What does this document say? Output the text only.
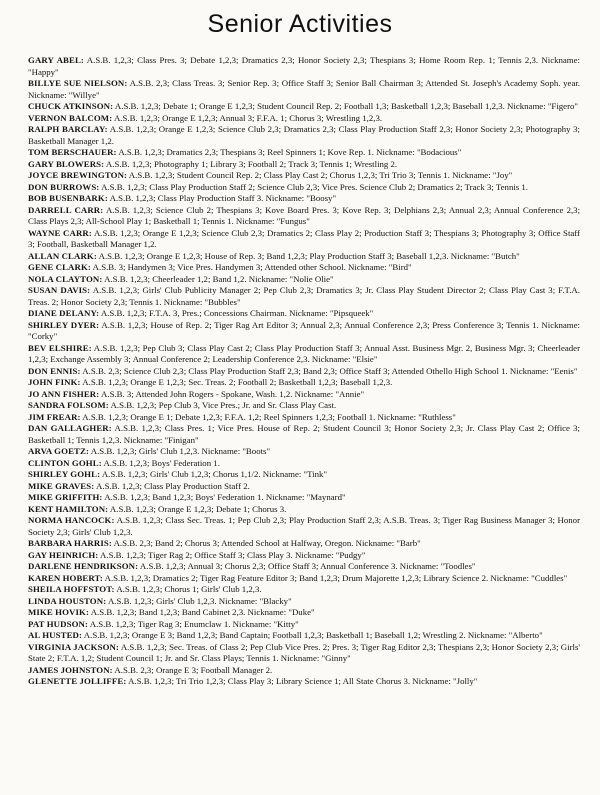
Senior Activities

GARY ABEL: A.S.B. 1,2,3; Class Pres. 3; Debate 1,2,3; Dramatics 2,3; Honor Society 2,3; Thespians 3; Home Room Rep. 1; Tennis 2,3. Nickname: "Happy"

BILLYE SUE NIELSON: A.S.B. 2,3; Class Treas. 3; Senior Rep. 3; Office Staff 3; Senior Ball Chairman 3; Attended St. Joseph's Academy Soph. year. Nickname: "Willye"

CHUCK ATKINSON: A.S.B. 1,2,3; Debate 1; Orange E 1,2,3; Student Council Rep. 2; Football 1,3; Basketball 1,2,3; Baseball 1,2,3. Nickname: "Figero"

VERNON BALCOM: A.S.B. 1,2,3; Orange E 1,2,3; Annual 3; F.F.A. 1; Chorus 3; Wrestling 1,2,3.

RALPH BARCLAY: A.S.B. 1,2,3; Orange E 1,2,3; Science Club 2,3; Dramatics 2,3; Class Play Production Staff 2,3; Honor Society 2,3; Photography 3; Basketball Manager 1,2.

TOM BERSCHAUER: A.S.B. 1,2,3; Dramatics 2,3; Thespians 3; Reel Spinners 1; Kove Rep. 1. Nickname: "Bodacious"

GARY BLOWERS: A.S.B. 1,2,3; Photography 1; Library 3; Football 2; Track 3; Tennis 1; Wrestling 2.

JOYCE BREWINGTON: A.S.B. 1,2,3; Student Council Rep. 2; Class Play Cast 2; Chorus 1,2,3; Tri Trio 3; Tennis 1. Nickname: "Joy"

DON BURROWS: A.S.B. 1,2,3; Class Play Production Staff 2; Science Club 2,3; Vice Pres. Science Club 2; Dramatics 2; Track 3; Tennis 1.

BOB BUSENBARK: A.S.B. 1,2,3; Class Play Production Staff 3. Nickname: "Boosy"

DARRELL CARR: A.S.B. 1,2,3; Science Club 2; Thespians 3; Kove Board Pres. 3; Kove Rep. 3; Delphians 2,3; Annual 2,3; Annual Conference 2,3; Class Plays 2,3; All-School Play 1; Basketball 1; Tennis 1. Nickname: "Fungus"

WAYNE CARR: A.S.B. 1,2,3; Orange E 1,2,3; Science Club 2,3; Dramatics 2; Class Play 2; Production Staff 3; Thespians 3; Photography 3; Office Staff 3; Football, Basketball Manager 1,2.

ALLAN CLARK: A.S.B. 1,2,3; Orange E 1,2,3; House of Rep. 3; Band 1,2,3; Play Production Staff 3; Baseball 1,2,3. Nickname: "Butch"

GENE CLARK: A.S.B. 3; Handymen 3; Vice Pres. Handymen 3; Attended other School. Nickname: "Bird"

NOLA CLAYTON: A.S.B. 1,2,3; Cheerleader 1,2; Band 1,2. Nickname: "Nolie Olie"

SUSAN DAVIS: A.S.B. 1,2,3; Girls' Club Publicity Manager 2; Pep Club 2,3; Dramatics 3; Jr. Class Play Student Director 2; Class Play Cast 3; F.T.A. Treas. 2; Honor Society 2,3; Tennis 1. Nickname: "Bubbles"

DIANE DELANY: A.S.B. 1,2,3; F.T.A. 3, Pres.; Concessions Chairman. Nickname: "Pipsqueek"

SHIRLEY DYER: A.S.B. 1,2,3; House of Rep. 2; Tiger Rag Art Editor 3; Annual 2,3; Annual Conference 2,3; Press Conference 3; Tennis 1. Nickname: "Corky"

BEV ELSHIRE: A.S.B. 1,2,3; Pep Club 3; Class Play Cast 2; Class Play Production Staff 3; Annual Asst. Business Mgr. 2, Business Mgr. 3; Cheerleader 1,2,3; Exchange Assembly 3; Annual Conference 2; Leadership Conference 2,3. Nickname: "Elsie"

DON ENNIS: A.S.B. 2,3; Science Club 2,3; Class Play Production Staff 2,3; Band 2,3; Office Staff 3; Attended Othello High School 1. Nickname: "Eenis"

JOHN FINK: A.S.B. 1,2,3; Orange E 1,2,3; Sec. Treas. 2; Football 2; Basketball 1,2,3; Baseball 1,2,3.

JO ANN FISHER: A.S.B. 3; Attended John Rogers - Spokane, Wash. 1,2. Nickname: "Annie"

SANDRA FOLSOM: A.S.B. 1,2,3; Pep Club 3, Vice Pres.; Jr. and Sr. Class Play Cast.

JIM FREAR: A.S.B. 1,2,3; Orange E 1; Debate 1,2,3; F.F.A. 1,2; Reel Spinners 1,2,3; Football 1. Nickname: "Ruthless"

DAN GALLAGHER: A.S.B. 1,2,3; Class Pres. 1; Vice Pres. House of Rep. 2; Student Council 3; Honor Society 2,3; Jr. Class Play Cast 2; Office 3; Basketball 1; Tennis 1,2,3. Nickname: "Finigan"

ARVA GOETZ: A.S.B. 1,2,3; Girls' Club 1,2,3. Nickname: "Boots"

CLINTON GOHL: A.S.B. 1,2,3; Boys' Federation 1.

SHIRLEY GOHL: A.S.B. 1,2,3; Girls' Club 1,2,3; Chorus 1,1/2. Nickname: "Tink"

MIKE GRAVES: A.S.B. 1,2,3; Class Play Production Staff 2.

MIKE GRIFFITH: A.S.B. 1,2,3; Band 1,2,3; Boys' Federation 1. Nickname: "Maynard"

KENT HAMILTON: A.S.B. 1,2,3; Orange E 1,2,3; Debate 1; Chorus 3.

NORMA HANCOCK: A.S.B. 1,2,3; Class Sec. Treas. 1; Pep Club 2,3; Play Production Staff 2,3; A.S.B. Treas. 3; Tiger Rag Business Manager 3; Honor Society 2,3; Girls' Club 1,2,3.

BARBARA HARRIS: A.S.B. 2,3; Band 2; Chorus 3; Attended School at Halfway, Oregon. Nickname: "Barb"

GAY HEINRICH: A.S.B. 1,2,3; Tiger Rag 2; Office Staff 3; Class Play 3. Nickname: "Pudgy"

DARLENE HENDRIKSON: A.S.B. 1,2,3; Annual 3; Chorus 2,3; Office Staff 3; Annual Conference 3. Nickname: "Toodles"

KAREN HOBERT: A.S.B. 1,2,3; Dramatics 2; Tiger Rag Feature Editor 3; Band 1,2,3; Drum Majorette 1,2,3; Library Science 2. Nickname: "Cuddles"

SHEILA HOFFSTOT: A.S.B. 1,2,3; Chorus 1; Girls' Club 1,2,3.

LINDA HOUSTON: A.S.B. 1,2,3; Girls' Club 1,2,3. Nickname: "Blacky"

MIKE HOVIK: A.S.B. 1,2,3; Band 1,2,3; Band Cabinet 2,3. Nickname: "Duke"

PAT HUDSON: A.S.B. 1,2,3; Tiger Rag 3; Enumclaw 1. Nickname: "Kitty"

AL HUSTED: A.S.B. 1,2,3; Orange E 3; Band 1,2,3; Band Captain; Football 1,2,3; Basketball 1; Baseball 1,2; Wrestling 2. Nickname: "Alberto"

VIRGINIA JACKSON: A.S.B. 1,2,3; Sec. Treas. of Class 2; Pep Club Vice Pres. 2; Pres. 3; Tiger Rag Editor 2,3; Thespians 2,3; Honor Society 2,3; Girls' State 2; F.T.A. 1,2; Student Council 1; Jr. and Sr. Class Plays; Tennis 1. Nickname: "Ginny"

JAMES JOHNSTON: A.S.B. 2,3; Orange E 3; Football Manager 2.

GLENETTE JOLLIFFE: A.S.B. 1,2,3; Tri Trio 1,2,3; Class Play 3; Library Science 1; All State Chorus 3. Nickname: "Jolly"
